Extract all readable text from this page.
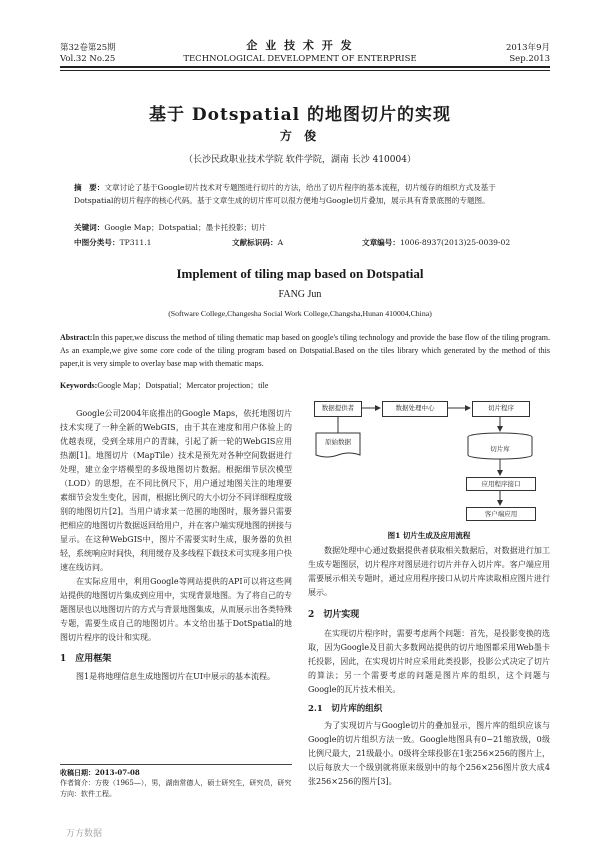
第32卷第25期
Vol.32 No.25
企 业 技 术 开 发
TECHNOLOGICAL DEVELOPMENT OF ENTERPRISE
2013年9月
Sep.2013
基于 Dotspatial 的地图切片的实现
方 俊
（长沙民政职业技术学院 软件学院，湖南 长沙 410004）
摘　要：文章讨论了基于Google切片技术对专题图进行切片的方法，给出了切片程序的基本流程，切片缓存的组织方式及基于Dotspatial的切片程序的核心代码。基于文章生成的切片库可以很方便地与Google切片叠加，展示具有背景底图的专题图。
关键词：Google Map；Dotspatial；墨卡托投影；切片
中图分类号：TP311.1	文献标识码：A	文章编号：1006-8937(2013)25-0039-02
Implement of tiling map based on Dotspatial
FANG Jun
(Software College,Changesha Social Work College,Changsha,Hunan 410004,China)
Abstract:In this paper,we discuss the method of tiling thematic map based on google's tiling technology and provide the base flow of the tiling program. As an example,we give some core code of the tiling program based on Dotspatial.Based on the tiles library which generated by the method of this paper,it is very simple to overlay base map with thematic maps.
Keywords:Google Map；Dotspatial；Mercator projection；tile

Google公司2004年底推出的Google Maps，依托地图切片技术实现了一种全新的WebGIS，由于其在速度和用户体验上的优越表现，受到全球用户的青睐，引起了新一轮的WebGIS应用热潮[1]。地图切片（MapTile）技术是预先对各种空间数据进行处理，建立金字塔模型的多级地图切片数据。根据细节层次模型（LOD）的思想，在不同比例尺下，用户通过地图关注的地理要素细节会发生变化，因而，根据比例尺的大小切分不同详细程度级别的地图切片[2]。当用户请求某一范围的地图时，服务器只需要把相应的地图切片数据返回给用户，并在客户端实现地图的拼接与显示。在这种WebGIS中，图片不需要实时生成，服务器的负担轻，系统响应时间快，利用缓存及多线程下载技术可实现多用户快速在线访问。

在实际应用中，利用Google等网站提供的API可以将这些网站提供的地图切片集成到应用中，实现背景地图。为了将自己的专题图层也以地图切片的方式与背景地图集成，从而展示出各类特殊专题，需要生成自己的地图切片。本文给出基于DotSpatial的地图切片程序的设计和实现。

1　应用框架

图1是将地理信息生成地图切片在UI中展示的基本流程。

收稿日期：2013-07-08
作者简介：方俊（1965—），男，湖南常德人，硕士研究生，研究员，研究方向：软件工程。
数据提供者	数据处理中心	切片程序
原始数据
切片库
应用程序接口
客户端应用
图1 切片生成及应用流程

数据处理中心通过数据提供者获取相关数据后，对数据进行加工生成专题图层，切片程序对图层进行切片并存入切片库。客户端应用需要展示相关专题时，通过应用程序接口从切片库读取相应图片进行展示。

2　切片实现

在实现切片程序时，需要考虑两个问题：首先，是投影变换的选取，因为Google及目前大多数网站提供的切片地图都采用Web墨卡托投影，因此，在实现切片时应采用此类投影，投影公式决定了切片的算法；另一个需要考虑的问题是图片库的组织，这个问题与Google的瓦片技术相关。

2.1　切片库的组织

为了实现切片与Google切片的叠加显示，图片库的组织应该与Google的切片组织方法一致。Google地图具有0~21缩放级，0级比例尺最大，21级最小。0级将全球投影在1张256×256的图片上，以后每放大一个级别就将原来级别中的每个256×256图片放大成4张256×256的图片[3]。

万方数据
